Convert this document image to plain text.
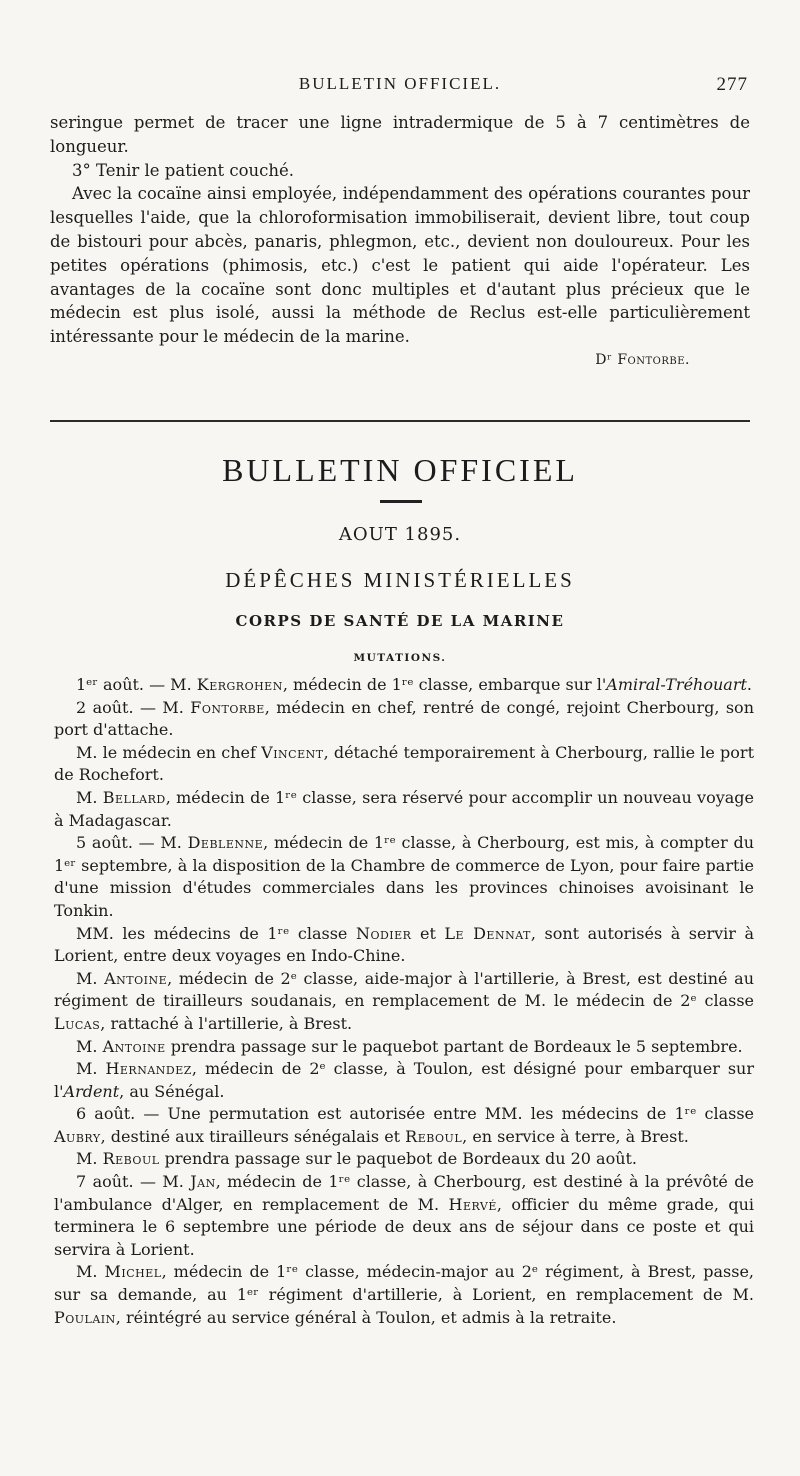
BULLETIN OFFICIEL.	277

seringue permet de tracer une ligne intradermique de 5 à 7 centimètres de longueur.

3° Tenir le patient couché.

Avec la cocaïne ainsi employée, indépendamment des opérations courantes pour lesquelles l'aide, que la chloroformisation immobiliserait, devient libre, tout coup de bistouri pour abcès, panaris, phlegmon, etc., devient non douloureux. Pour les petites opérations (phimosis, etc.) c'est le patient qui aide l'opérateur. Les avantages de la cocaïne sont donc multiples et d'autant plus précieux que le médecin est plus isolé, aussi la méthode de Reclus est-elle particulièrement intéressante pour le médecin de la marine.

Dʳ Fontorbe.

BULLETIN OFFICIEL
AOUT 1895.
DÉPÊCHES MINISTÉRIELLES
CORPS DE SANTÉ DE LA MARINE
MUTATIONS.

1ᵉʳ août. — M. Kergrohen, médecin de 1ʳᵉ classe, embarque sur l'Amiral-Tréhouart.

2 août. — M. Fontorbe, médecin en chef, rentré de congé, rejoint Cherbourg, son port d'attache.

M. le médecin en chef Vincent, détaché temporairement à Cherbourg, rallie le port de Rochefort.

M. Bellard, médecin de 1ʳᵉ classe, sera réservé pour accomplir un nouveau voyage à Madagascar.

5 août. — M. Deblenne, médecin de 1ʳᵉ classe, à Cherbourg, est mis, à compter du 1ᵉʳ septembre, à la disposition de la Chambre de commerce de Lyon, pour faire partie d'une mission d'études commerciales dans les provinces chinoises avoisinant le Tonkin.

MM. les médecins de 1ʳᵉ classe Nodier et Le Dennat, sont autorisés à servir à Lorient, entre deux voyages en Indo-Chine.

M. Antoine, médecin de 2ᵉ classe, aide-major à l'artillerie, à Brest, est destiné au régiment de tirailleurs soudanais, en remplacement de M. le médecin de 2ᵉ classe Lucas, rattaché à l'artillerie, à Brest.

M. Antoine prendra passage sur le paquebot partant de Bordeaux le 5 septembre.

M. Hernandez, médecin de 2ᵉ classe, à Toulon, est désigné pour embarquer sur l'Ardent, au Sénégal.

6 août. — Une permutation est autorisée entre MM. les médecins de 1ʳᵉ classe Aubry, destiné aux tirailleurs sénégalais et Reboul, en service à terre, à Brest.

M. Reboul prendra passage sur le paquebot de Bordeaux du 20 août.

7 août. — M. Jan, médecin de 1ʳᵉ classe, à Cherbourg, est destiné à la prévôté de l'ambulance d'Alger, en remplacement de M. Hervé, officier du même grade, qui terminera le 6 septembre une période de deux ans de séjour dans ce poste et qui servira à Lorient.

M. Michel, médecin de 1ʳᵉ classe, médecin-major au 2ᵉ régiment, à Brest, passe, sur sa demande, au 1ᵉʳ régiment d'artillerie, à Lorient, en remplacement de M. Poulain, réintégré au service général à Toulon, et admis à la retraite.
